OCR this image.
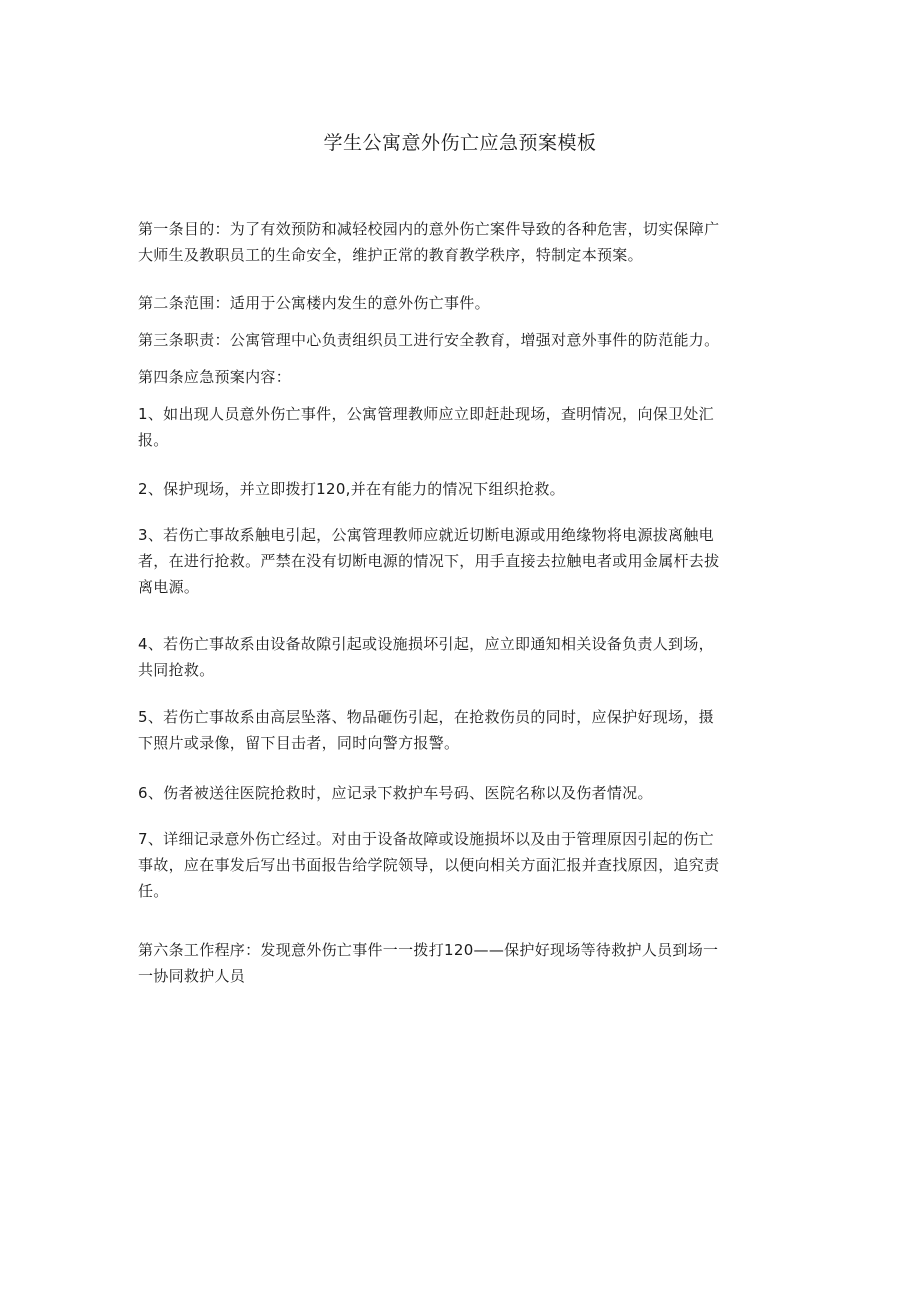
学生公寓意外伤亡应急预案模板
第一条目的：为了有效预防和减轻校园内的意外伤亡案件导致的各种危害，切实保障广
大师生及教职员工的生命安全，维护正常的教育教学秩序，特制定本预案。
第二条范围：适用于公寓楼内发生的意外伤亡事件。
第三条职责：公寓管理中心负责组织员工进行安全教育，增强对意外事件的防范能力。
第四条应急预案内容：
1、如出现人员意外伤亡事件，公寓管理教师应立即赶赴现场，查明情况，向保卫处汇
报。
2、保护现场，并立即拨打120,并在有能力的情况下组织抢救。
3、若伤亡事故系触电引起，公寓管理教师应就近切断电源或用绝缘物将电源拔离触电
者，在进行抢救。严禁在没有切断电源的情况下，用手直接去拉触电者或用金属杆去拔
离电源。
4、若伤亡事故系由设备故隙引起或设施损坏引起，应立即通知相关设备负责人到场，
共同抢救。
5、若伤亡事故系由高层坠落、物品砸伤引起，在抢救伤员的同时，应保护好现场，摄
下照片或录像，留下目击者，同时向警方报警。
6、伤者被送往医院抢救时，应记录下救护车号码、医院名称以及伤者情况。
7、详细记录意外伤亡经过。对由于设备故障或设施损坏以及由于管理原因引起的伤亡
事故，应在事发后写出书面报告给学院领导，以便向相关方面汇报并查找原因，追究责
任。
第六条工作程序：发现意外伤亡事件一一拨打120——保护好现场等待救护人员到场一
一协同救护人员
